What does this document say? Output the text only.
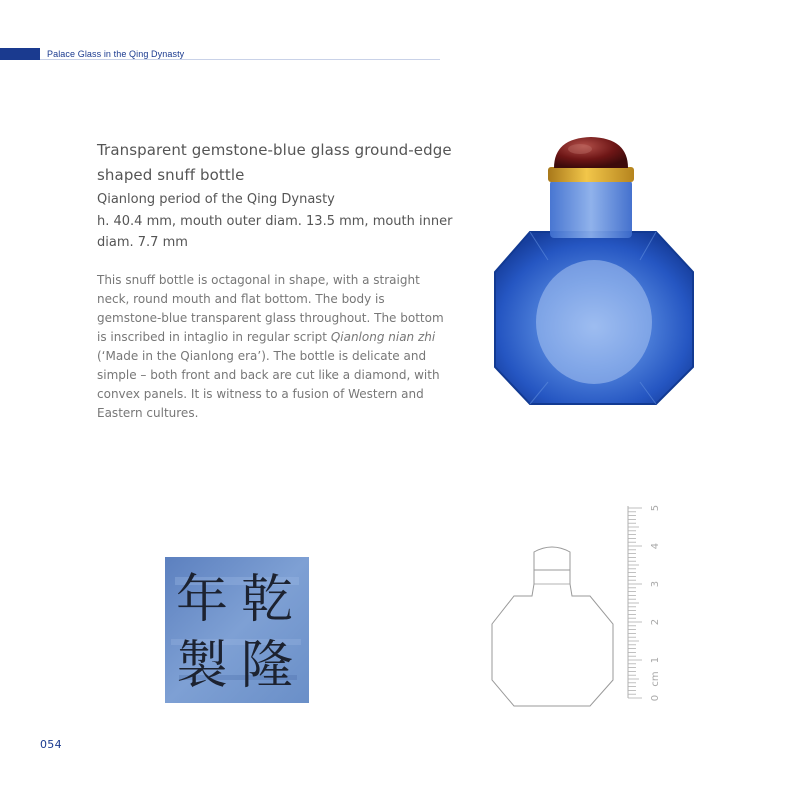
Palace Glass in the Qing Dynasty
Transparent gemstone-blue glass ground-edge shaped snuff bottle
Qianlong period of the Qing Dynasty
h. 40.4 mm, mouth outer diam. 13.5 mm, mouth inner diam. 7.7 mm
This snuff bottle is octagonal in shape, with a straight neck, round mouth and flat bottom. The body is gemstone-blue transparent glass throughout. The bottom is inscribed in intaglio in regular script Qianlong nian zhi (‘Made in the Qianlong era’). The bottle is delicate and simple – both front and back are cut like a diamond, with convex panels. It is witness to a fusion of Western and Eastern cultures.
乾
隆
年
製
0
1
2
3
4
5
cm
054
